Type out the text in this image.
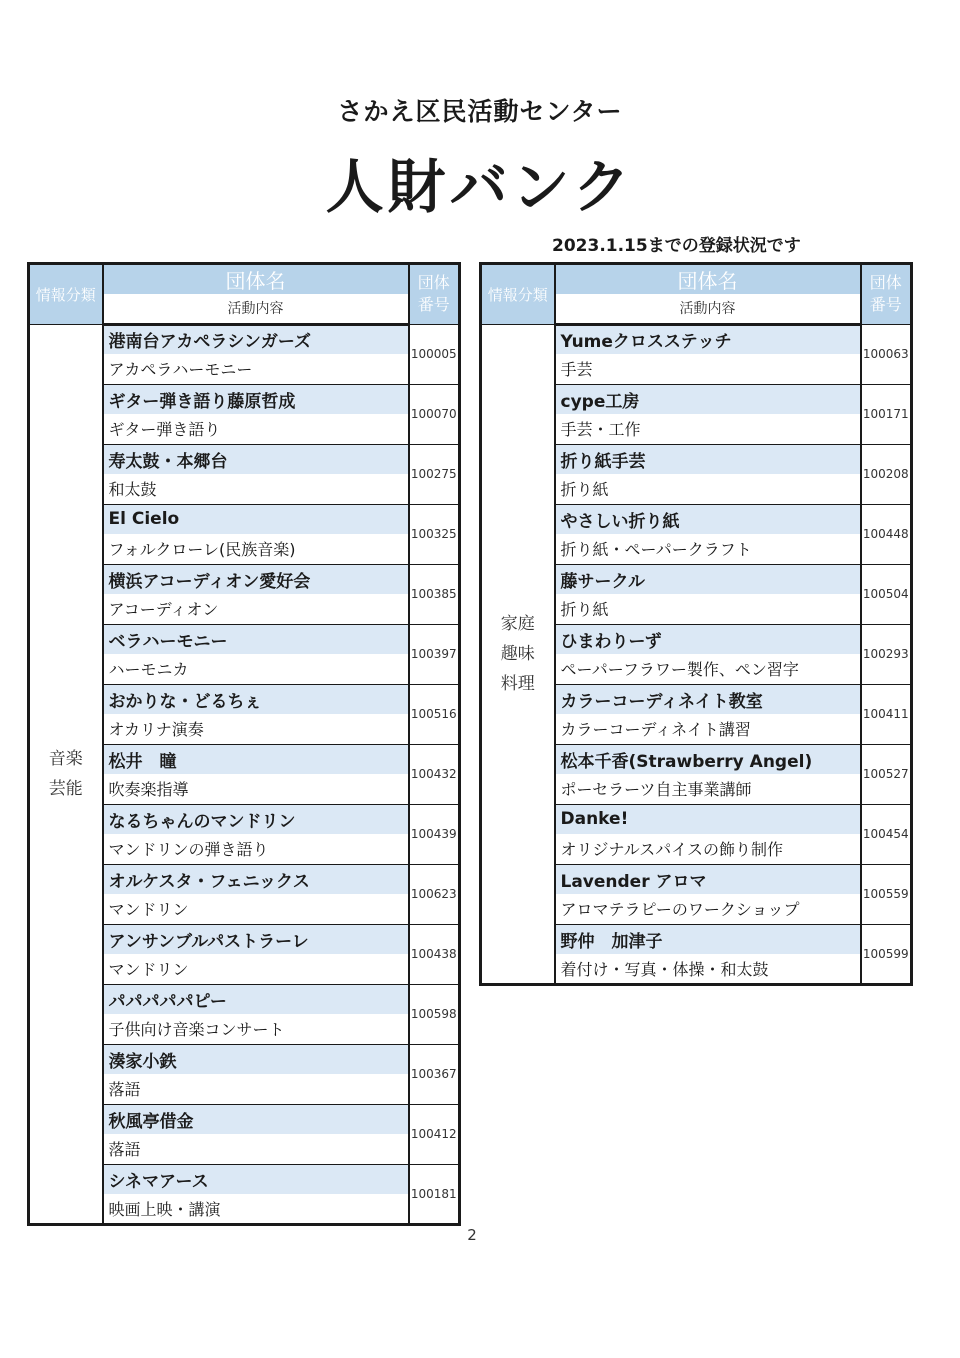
さかえ区民活動センター
人財バンク
2023.1.15までの登録状況です
情報分類	団体名	団体
番号
	活動内容	

音楽
芸能	港南台アカペラシンガーズ	100005
	アカペラハーモニー	
	ギター弾き語り藤原哲成	100070
	ギター弾き語り	
	寿太鼓・本郷台	100275
	和太鼓	
	El Cielo	100325
	フォルクローレ(民族音楽)	
	横浜アコーディオン愛好会	100385
	アコーディオン	
	ベラハーモニー	100397
	ハーモニカ	
	おかりな・どるちぇ	100516
	オカリナ演奏	
	松井　瞳	100432
	吹奏楽指導	
	なるちゃんのマンドリン	100439
	マンドリンの弾き語り	
	オルケスタ・フェニックス	100623
	マンドリン	
	アンサンブルパストラーレ	100438
	マンドリン	
	パパパパパピー	100598
	子供向け音楽コンサート	
	湊家小鉄	100367
	落語	
	秋風亭借金	100412
	落語	
	シネマアース	100181
	映画上映・講演	
情報分類	団体名	団体
番号
	活動内容	

家庭
趣味
料理	Yumeクロスステッチ	100063
	手芸	
	cype工房	100171
	手芸・工作	
	折り紙手芸	100208
	折り紙	
	やさしい折り紙	100448
	折り紙・ペーパークラフト	
	藤サークル	100504
	折り紙	
	ひまわりーず	100293
	ペーパーフラワー製作、ペン習字	
	カラーコーディネイト教室	100411
	カラーコーディネイト講習	
	松本千香(Strawberry Angel)	100527
	ポーセラーツ自主事業講師	
	Danke!	100454
	オリジナルスパイスの飾り制作	
	Lavender アロマ	100559
	アロマテラピーのワークショップ	
	野仲　加津子	100599
	着付け・写真・体操・和太鼓	
2
